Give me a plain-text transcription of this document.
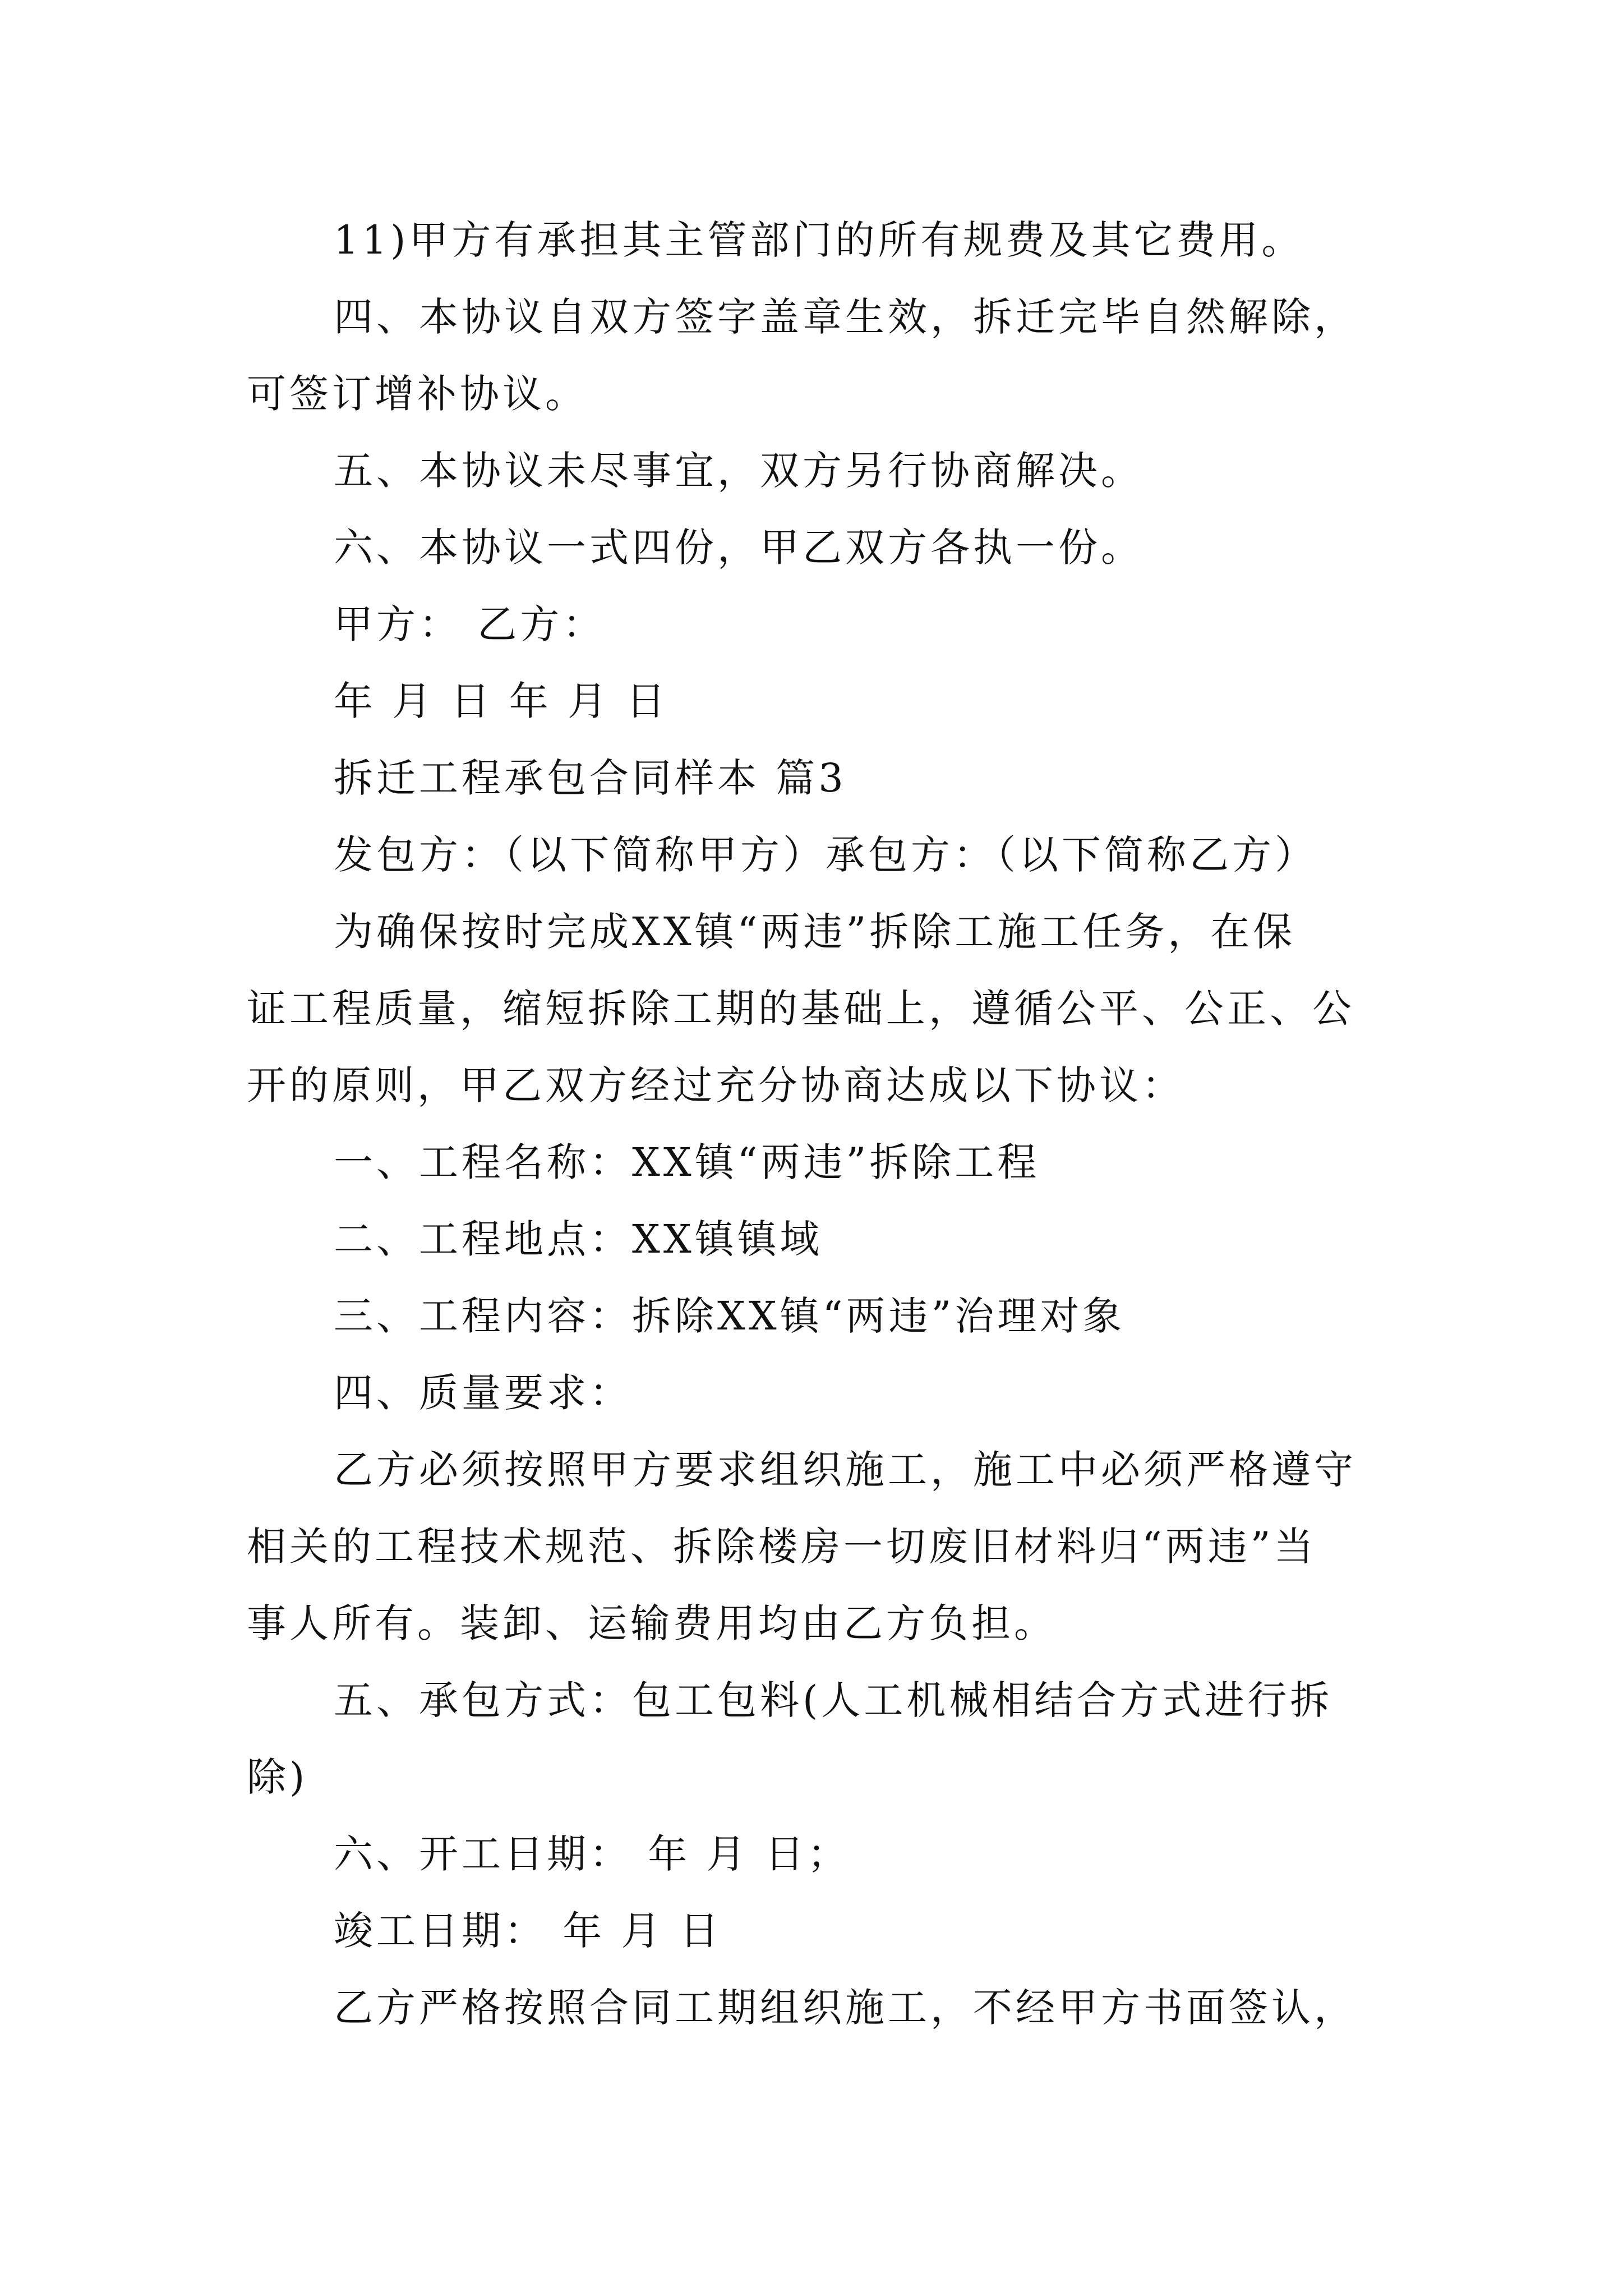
11)甲方有承担其主管部门的所有规费及其它费用。
四、本协议自双方签字盖章生效，拆迁完毕自然解除，
可签订增补协议。
五、本协议未尽事宜，双方另行协商解决。
六、本协议一式四份，甲乙双方各执一份。
甲方： 乙方：
年 月 日 年 月 日
拆迁工程承包合同样本 篇3
发包方：（以下简称甲方）承包方：（以下简称乙方）
为确保按时完成XX镇“两违”拆除工施工任务，在保
证工程质量，缩短拆除工期的基础上，遵循公平、公正、公
开的原则，甲乙双方经过充分协商达成以下协议：
一、工程名称：XX镇“两违”拆除工程
二、工程地点：XX镇镇域
三、工程内容：拆除XX镇“两违”治理对象
四、质量要求：
乙方必须按照甲方要求组织施工，施工中必须严格遵守
相关的工程技术规范、拆除楼房一切废旧材料归“两违”当
事人所有。装卸、运输费用均由乙方负担。
五、承包方式：包工包料(人工机械相结合方式进行拆
除)
六、开工日期： 年 月 日；
竣工日期： 年 月 日
乙方严格按照合同工期组织施工，不经甲方书面签认，
